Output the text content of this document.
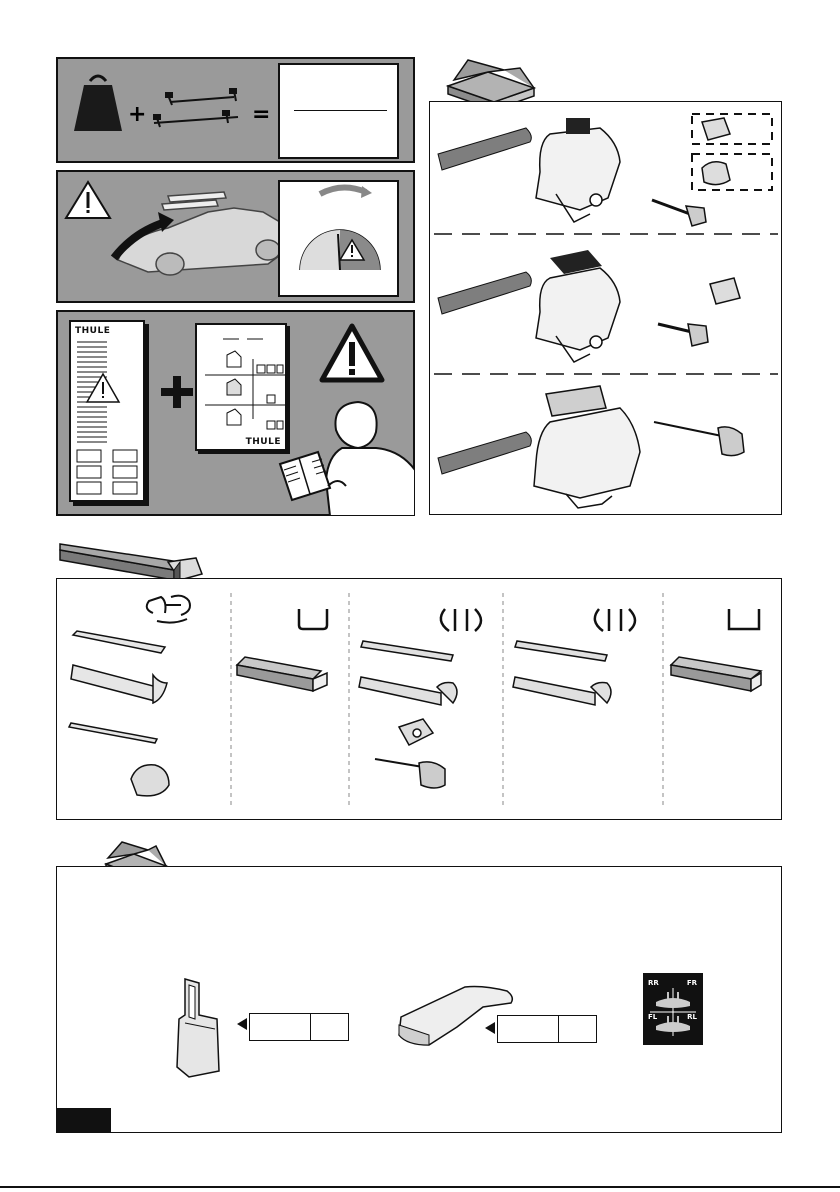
+	=
THULE
THULE
RR	FR
FL	RL
